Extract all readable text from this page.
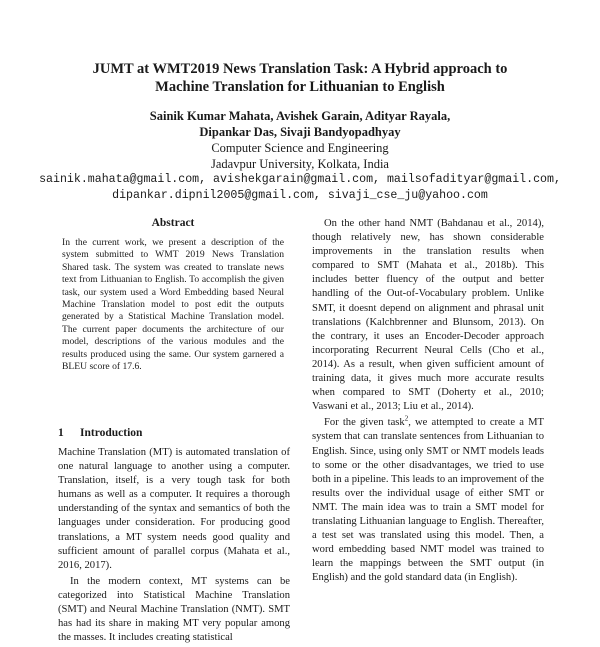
JUMT at WMT2019 News Translation Task: A Hybrid approach to
Machine Translation for Lithuanian to English
Sainik Kumar Mahata, Avishek Garain, Adityar Rayala,
Dipankar Das, Sivaji Bandyopadhyay
Computer Science and Engineering
Jadavpur University, Kolkata, India
sainik.mahata@gmail.com, avishekgarain@gmail.com, mailsofadityar@gmail.com,
dipankar.dipnil2005@gmail.com, sivaji_cse_ju@yahoo.com
Abstract
In the current work, we present a description of the system submitted to WMT 2019 News Translation Shared task. The system was created to translate news text from Lithuanian to English. To accomplish the given task, our system used a Word Embedding based Neural Machine Translation model to post edit the outputs generated by a Statistical Machine Translation model. The current paper documents the architecture of our model, descriptions of the various modules and the results produced using the same. Our system garnered a BLEU score of 17.6.
1 Introduction

Machine Translation (MT) is automated translation of one natural language to another using a computer. Translation, itself, is a very tough task for both humans as well as a computer. It requires a thorough understanding of the syntax and semantics of both the languages under consideration. For producing good translations, a MT system needs good quality and sufficient amount of parallel corpus (Mahata et al., 2016, 2017).

In the modern context, MT systems can be categorized into Statistical Machine Translation (SMT) and Neural Machine Translation (NMT). SMT has had its share in making MT very popular among the masses. It includes creating statistical

On the other hand NMT (Bahdanau et al., 2014), though relatively new, has shown considerable improvements in the translation results when compared to SMT (Mahata et al., 2018b). This includes better fluency of the output and better handling of the Out-of-Vocabulary problem. Unlike SMT, it doesnt depend on alignment and phrasal unit translations (Kalchbrenner and Blunsom, 2013). On the contrary, it uses an Encoder-Decoder approach incorporating Recurrent Neural Cells (Cho et al., 2014). As a result, when given sufficient amount of training data, it gives much more accurate results when compared to SMT (Doherty et al., 2010; Vaswani et al., 2013; Liu et al., 2014).

For the given task$^2$, we attempted to create a MT system that can translate sentences from Lithuanian to English. Since, using only SMT or NMT models leads to some or the other disadvantages, we tried to use both in a pipeline. This leads to an improvement of the results over the individual usage of either SMT or NMT. The main idea was to train a SMT model for translating Lithuanian language to English. Thereafter, a test set was translated using this model. Then, a word embedding based NMT model was trained to learn the mappings between the SMT output (in English) and the gold standard data (in English).
